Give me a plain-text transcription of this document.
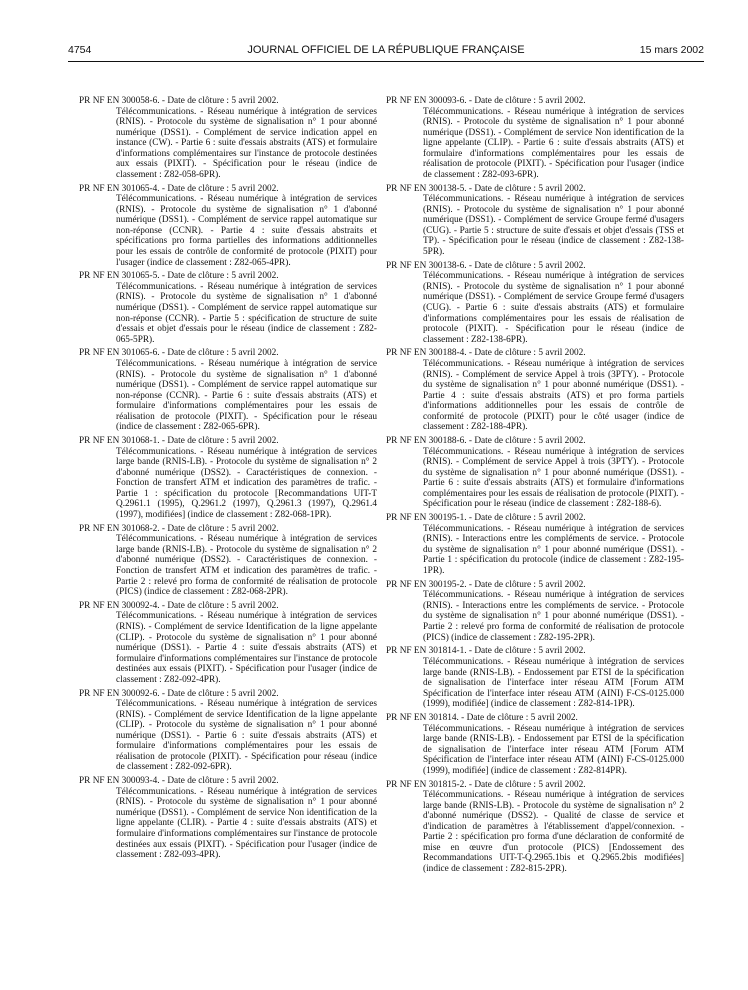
4754	JOURNAL OFFICIEL DE LA RÉPUBLIQUE FRANÇAISE	15 mars 2002
PR NF EN 300058-6. - Date de clôture : 5 avril 2002.
Télécommunications. - Réseau numérique à intégration de services (RNIS). - Protocole du système de signalisation n° 1 pour abonné numérique (DSS1). - Complément de service indication appel en instance (CW). - Partie 6 : suite d'essais abstraits (ATS) et formulaire d'informations complémentaires sur l'instance de protocole destinées aux essais (PIXIT). - Spécification pour le réseau (indice de classement : Z82-058-6PR).
PR NF EN 301065-4. - Date de clôture : 5 avril 2002.
Télécommunications. - Réseau numérique à intégration de services (RNIS). - Protocole du système de signalisation n° 1 d'abonné numérique (DSS1). - Complément de service rappel automatique sur non-réponse (CCNR). - Partie 4 : suite d'essais abstraits et spécifications pro forma partielles des informations additionnelles pour les essais de contrôle de conformité de protocole (PIXIT) pour l'usager (indice de classement : Z82-065-4PR).
PR NF EN 301065-5. - Date de clôture : 5 avril 2002.
Télécommunications. - Réseau numérique à intégration de services (RNIS). - Protocole du système de signalisation n° 1 d'abonné numérique (DSS1). - Complément de service rappel automatique sur non-réponse (CCNR). - Partie 5 : spécification de structure de suite d'essais et objet d'essais pour le réseau (indice de classement : Z82-065-5PR).
PR NF EN 301065-6. - Date de clôture : 5 avril 2002.
Télécommunications. - Réseau numérique à intégration de service (RNIS). - Protocole du système de signalisation n° 1 d'abonné numérique (DSS1). - Complément de service rappel automatique sur non-réponse (CCNR). - Partie 6 : suite d'essais abstraits (ATS) et formulaire d'informations complémentaires pour les essais de réalisation de protocole (PIXIT). - Spécification pour le réseau (indice de classement : Z82-065-6PR).
PR NF EN 301068-1. - Date de clôture : 5 avril 2002.
Télécommunications. - Réseau numérique à intégration de services large bande (RNIS-LB). - Protocole du système de signalisation n° 2 d'abonné numérique (DSS2). - Caractéristiques de connexion. - Fonction de transfert ATM et indication des paramètres de trafic. - Partie 1 : spécification du protocole [Recommandations UIT-T Q.2961.1 (1995), Q.2961.2 (1997), Q.2961.3 (1997), Q.2961.4 (1997), modifiées] (indice de classement : Z82-068-1PR).
PR NF EN 301068-2. - Date de clôture : 5 avril 2002.
Télécommunications. - Réseau numérique à intégration de services large bande (RNIS-LB). - Protocole du système de signalisation n° 2 d'abonné numérique (DSS2). - Caractéristiques de connexion. - Fonction de transfert ATM et indication des paramètres de trafic. - Partie 2 : relevé pro forma de conformité de réalisation de protocole (PICS) (indice de classement : Z82-068-2PR).
PR NF EN 300092-4. - Date de clôture : 5 avril 2002.
Télécommunications. - Réseau numérique à intégration de services (RNIS). - Complément de service Identification de la ligne appelante (CLIP). - Protocole du système de signalisation n° 1 pour abonné numérique (DSS1). - Partie 4 : suite d'essais abstraits (ATS) et formulaire d'informations complémentaires sur l'instance de protocole destinées aux essais (PIXIT). - Spécification pour l'usager (indice de classement : Z82-092-4PR).
PR NF EN 300092-6. - Date de clôture : 5 avril 2002.
Télécommunications. - Réseau numérique à intégration de services (RNIS). - Complément de service Identification de la ligne appelante (CLIP). - Protocole du système de signalisation n° 1 pour abonné numérique (DSS1). - Partie 6 : suite d'essais abstraits (ATS) et formulaire d'informations complémentaires pour les essais de réalisation de protocole (PIXIT). - Spécification pour réseau (indice de classement : Z82-092-6PR).
PR NF EN 300093-4. - Date de clôture : 5 avril 2002.
Télécommunications. - Réseau numérique à intégration de services (RNIS). - Protocole du système de signalisation n° 1 pour abonné numérique (DSS1). - Complément de service Non identification de la ligne appelante (CLIR). - Partie 4 : suite d'essais abstraits (ATS) et formulaire d'informations complémentaires sur l'instance de protocole destinées aux essais (PIXIT). - Spécification pour l'usager (indice de classement : Z82-093-4PR).
PR NF EN 300093-6. - Date de clôture : 5 avril 2002.
Télécommunications. - Réseau numérique à intégration de services (RNIS). - Protocole du système de signalisation n° 1 pour abonné numérique (DSS1). - Complément de service Non identification de la ligne appelante (CLIP). - Partie 6 : suite d'essais abstraits (ATS) et formulaire d'informations complémentaires pour les essais de réalisation de protocole (PIXIT). - Spécification pour l'usager (indice de classement : Z82-093-6PR).
PR NF EN 300138-5. - Date de clôture : 5 avril 2002.
Télécommunications. - Réseau numérique à intégration de services (RNIS). - Protocole du système de signalisation n° 1 pour abonné numérique (DSS1). - Complément de service Groupe fermé d'usagers (CUG). - Partie 5 : structure de suite d'essais et objet d'essais (TSS et TP). - Spécification pour le réseau (indice de classement : Z82-138-5PR).
PR NF EN 300138-6. - Date de clôture : 5 avril 2002.
Télécommunications. - Réseau numérique à intégration de services (RNIS). - Protocole du système de signalisation n° 1 pour abonné numérique (DSS1). - Complément de service Groupe fermé d'usagers (CUG). - Partie 6 : suite d'essais abstraits (ATS) et formulaire d'informations complémentaires pour les essais de réalisation de protocole (PIXIT). - Spécification pour le réseau (indice de classement : Z82-138-6PR).
PR NF EN 300188-4. - Date de clôture : 5 avril 2002.
Télécommunications. - Réseau numérique à intégration de services (RNIS). - Complément de service Appel à trois (3PTY). - Protocole du système de signalisation n° 1 pour abonné numérique (DSS1). - Partie 4 : suite d'essais abstraits (ATS) et pro forma partiels d'informations additionnelles pour les essais de contrôle de conformité de protocole (PIXIT) pour le côté usager (indice de classement : Z82-188-4PR).
PR NF EN 300188-6. - Date de clôture : 5 avril 2002.
Télécommunications. - Réseau numérique à intégration de services (RNIS). - Complément de service Appel à trois (3PTY). - Protocole du système de signalisation n° 1 pour abonné numérique (DSS1). - Partie 6 : suite d'essais abstraits (ATS) et formulaire d'informations complémentaires pour les essais de réalisation de protocole (PIXIT). - Spécification pour le réseau (indice de classement : Z82-188-6).
PR NF EN 300195-1. - Date de clôture : 5 avril 2002.
Télécommunications. - Réseau numérique à intégration de services (RNIS). - Interactions entre les compléments de service. - Protocole du système de signalisation n° 1 pour abonné numérique (DSS1). - Partie 1 : spécification du protocole (indice de classement : Z82-195-1PR).
PR NF EN 300195-2. - Date de clôture : 5 avril 2002.
Télécommunications. - Réseau numérique à intégration de services (RNIS). - Interactions entre les compléments de service. - Protocole du système de signalisation n° 1 pour abonné numérique (DSS1). - Partie 2 : relevé pro forma de conformité de réalisation de protocole (PICS) (indice de classement : Z82-195-2PR).
PR NF EN 301814-1. - Date de clôture : 5 avril 2002.
Télécommunications. - Réseau numérique à intégration de services large bande (RNIS-LB). - Endossement par ETSI de la spécification de signalisation de l'interface inter réseau ATM [Forum ATM Spécification de l'interface inter réseau ATM (AINI) F-CS-0125.000 (1999), modifiée] (indice de classement : Z82-814-1PR).
PR NF EN 301814. - Date de clôture : 5 avril 2002.
Télécommunications. - Réseau numérique à intégration de services large bande (RNIS-LB). - Endossement par ETSI de la spécification de signalisation de l'interface inter réseau ATM [Forum ATM Spécification de l'interface inter réseau ATM (AINI) F-CS-0125.000 (1999), modifiée] (indice de classement : Z82-814PR).
PR NF EN 301815-2. - Date de clôture : 5 avril 2002.
Télécommunications. - Réseau numérique à intégration de services large bande (RNIS-LB). - Protocole du système de signalisation n° 2 d'abonné numérique (DSS2). - Qualité de classe de service et d'indication de paramètres à l'établissement d'appel/connexion. - Partie 2 : spécification pro forma d'une déclaration de conformité de mise en œuvre d'un protocole (PICS) [Endossement des Recommandations UIT-T-Q.2965.1bis et Q.2965.2bis modifiées] (indice de classement : Z82-815-2PR).
